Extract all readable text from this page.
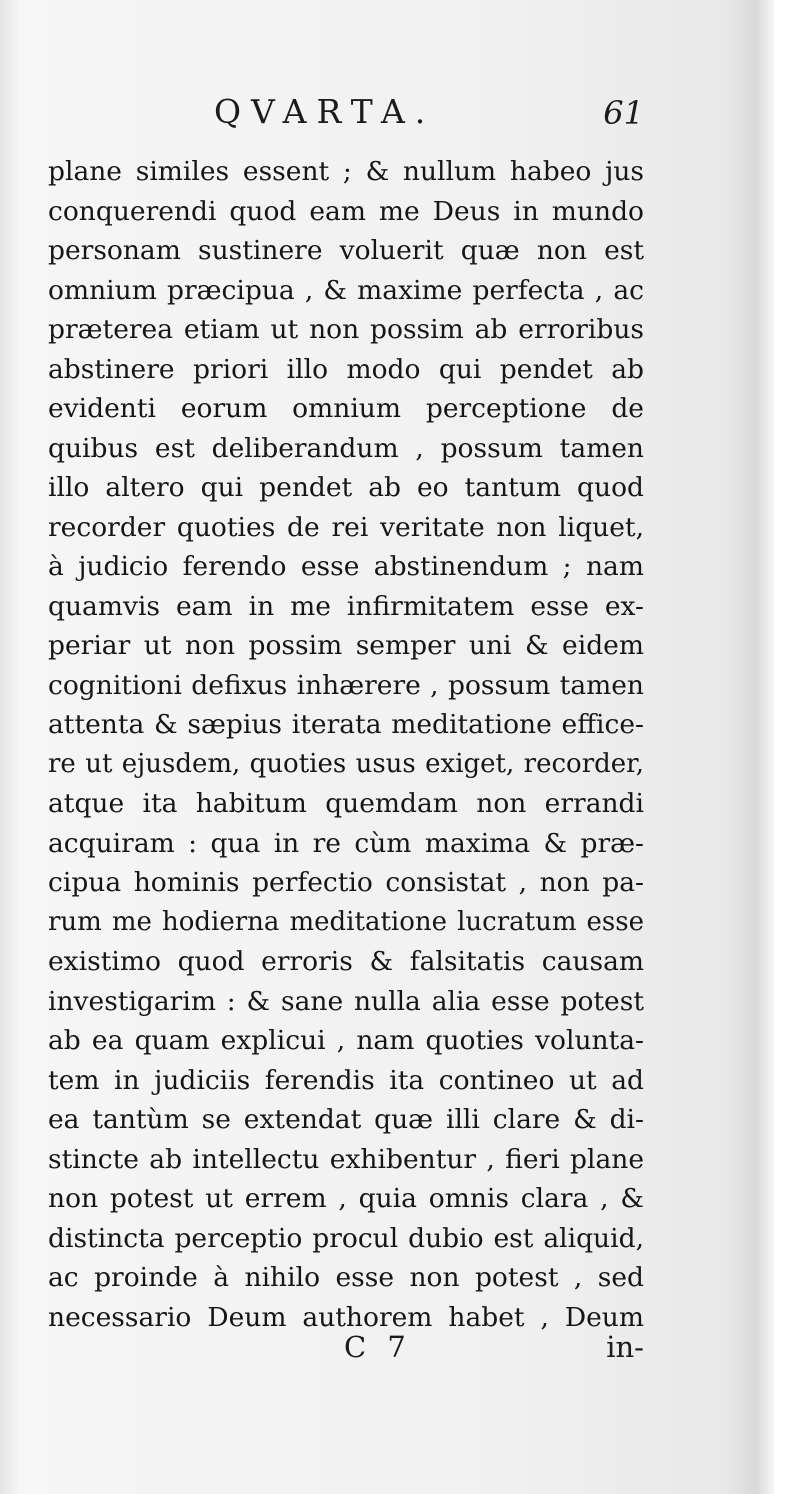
QVARTA.	61
plane similes essent ; & nullum habeo jus
conquerendi quod eam me Deus in mundo
personam sustinere voluerit quæ non est
omnium præcipua , & maxime perfecta , ac
præterea etiam ut non possim ab erroribus
abstinere priori illo modo qui pendet ab
evidenti eorum omnium perceptione de
quibus est deliberandum , possum tamen
illo altero qui pendet ab eo tantum quod
recorder quoties de rei veritate non liquet,
à judicio ferendo esse abstinendum ; nam
quamvis eam in me infirmitatem esse ex-
periar ut non possim semper uni & eidem
cognitioni defixus inhærere , possum tamen
attenta & sæpius iterata meditatione effice-
re ut ejusdem, quoties usus exiget, recorder,
atque ita habitum quemdam non errandi
acquiram : qua in re cùm maxima & præ-
cipua hominis perfectio consistat , non pa-
rum me hodierna meditatione lucratum esse
existimo quod erroris & falsitatis causam
investigarim : & sane nulla alia esse potest
ab ea quam explicui , nam quoties volunta-
tem in judiciis ferendis ita contineo ut ad
ea tantùm se extendat quæ illi clare & di-
stincte ab intellectu exhibentur , fieri plane
non potest ut errem , quia omnis clara , &
distincta perceptio procul dubio est aliquid,
ac proinde à nihilo esse non potest , sed
necessario Deum authorem habet , Deum
C 7	in-
